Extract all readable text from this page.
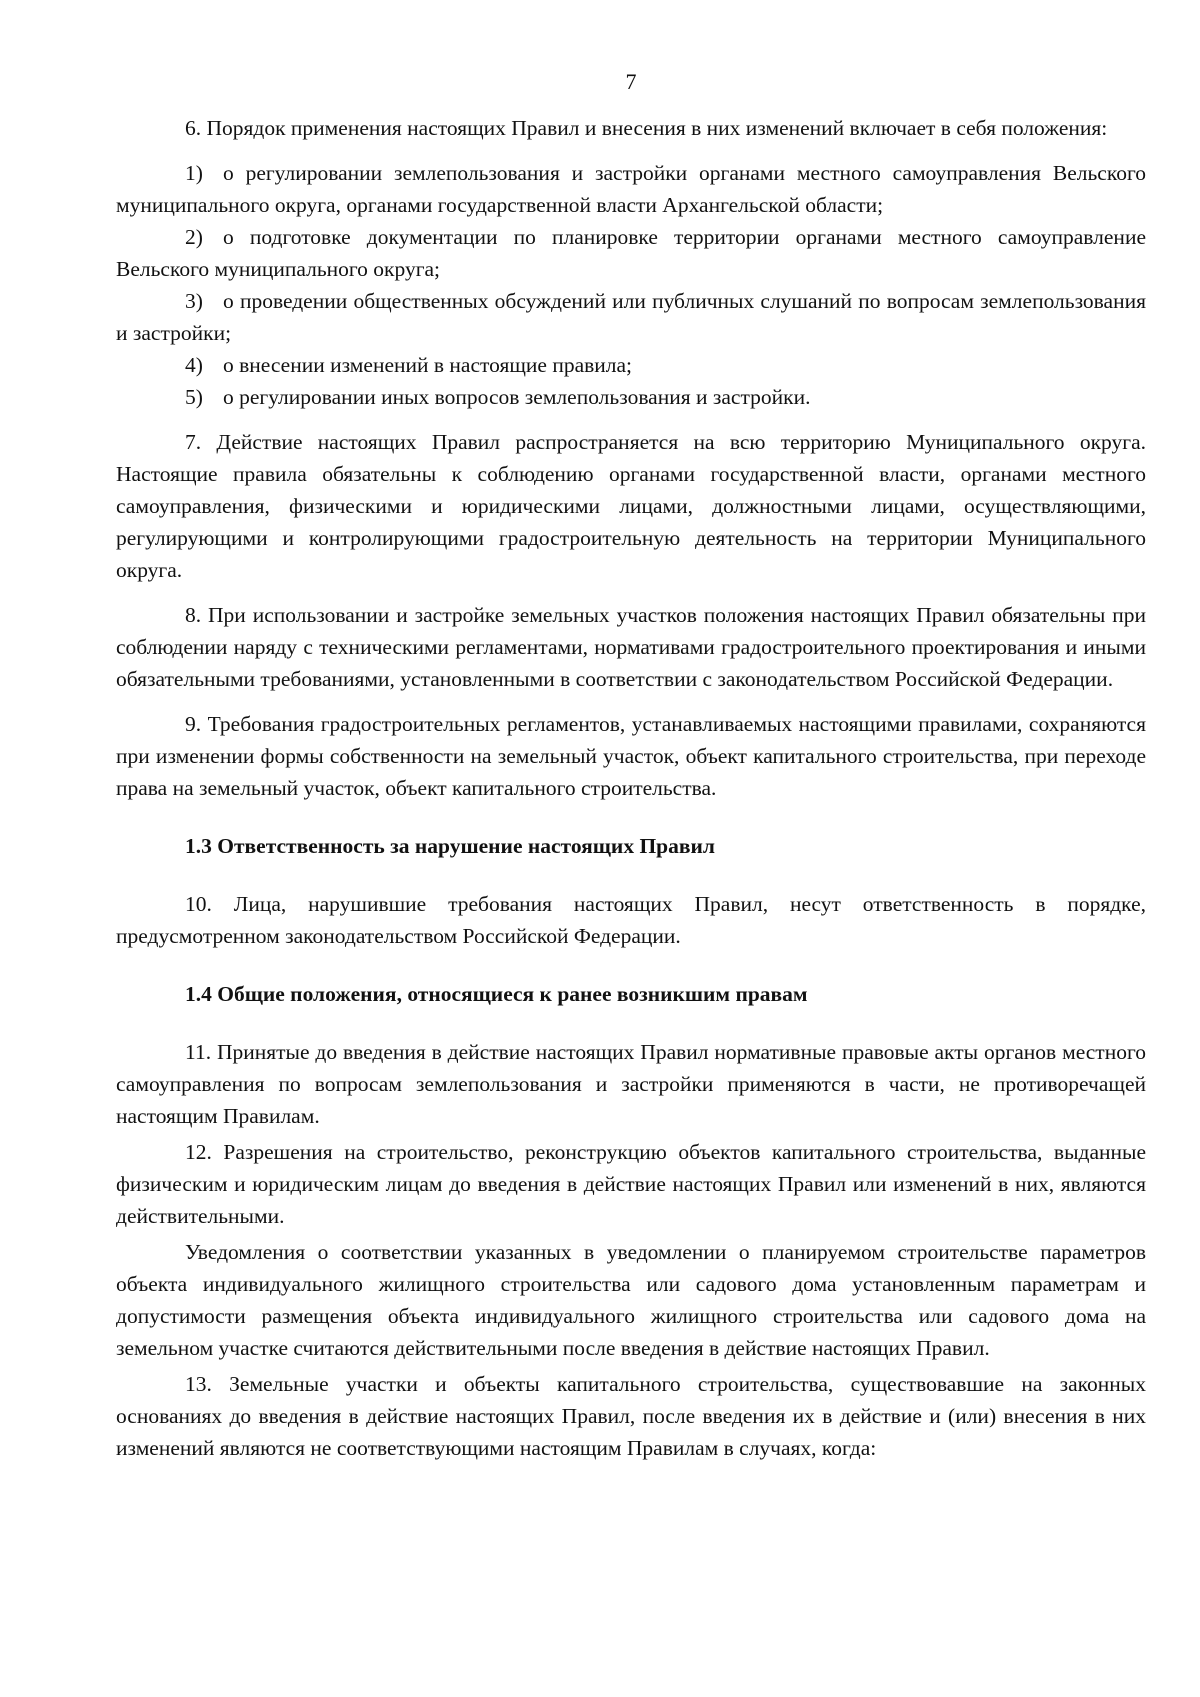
7

6. Порядок применения настоящих Правил и внесения в них изменений включает в себя положения:

1) о регулировании землепользования и застройки органами местного самоуправления Вельского муниципального округа, органами государственной власти Архангельской области;
2) о подготовке документации по планировке территории органами местного самоуправление Вельского муниципального округа;
3) о проведении общественных обсуждений или публичных слушаний по вопросам землепользования и застройки;
4) о внесении изменений в настоящие правила;
5) о регулировании иных вопросов землепользования и застройки.

7. Действие настоящих Правил распространяется на всю территорию Муниципального округа. Настоящие правила обязательны к соблюдению органами государственной власти, органами местного самоуправления, физическими и юридическими лицами, должностными лицами, осуществляющими, регулирующими и контролирующими градостроительную деятельность на территории Муниципального округа.

8. При использовании и застройке земельных участков положения настоящих Правил обязательны при соблюдении наряду с техническими регламентами, нормативами градостроительного проектирования и иными обязательными требованиями, установленными в соответствии с законодательством Российской Федерации.

9. Требования градостроительных регламентов, устанавливаемых настоящими правилами, сохраняются при изменении формы собственности на земельный участок, объект капитального строительства, при переходе права на земельный участок, объект капитального строительства.

1.3 Ответственность за нарушение настоящих Правил

10. Лица, нарушившие требования настоящих Правил, несут ответственность в порядке, предусмотренном законодательством Российской Федерации.

1.4 Общие положения, относящиеся к ранее возникшим правам

11. Принятые до введения в действие настоящих Правил нормативные правовые акты органов местного самоуправления по вопросам землепользования и застройки применяются в части, не противоречащей настоящим Правилам.

12. Разрешения на строительство, реконструкцию объектов капитального строительства, выданные физическим и юридическим лицам до введения в действие настоящих Правил или изменений в них, являются действительными.

Уведомления о соответствии указанных в уведомлении о планируемом строительстве параметров объекта индивидуального жилищного строительства или садового дома установленным параметрам и допустимости размещения объекта индивидуального жилищного строительства или садового дома на земельном участке считаются действительными после введения в действие настоящих Правил.

13. Земельные участки и объекты капитального строительства, существовавшие на законных основаниях до введения в действие настоящих Правил, после введения их в действие и (или) внесения в них изменений являются не соответствующими настоящим Правилам в случаях, когда:
